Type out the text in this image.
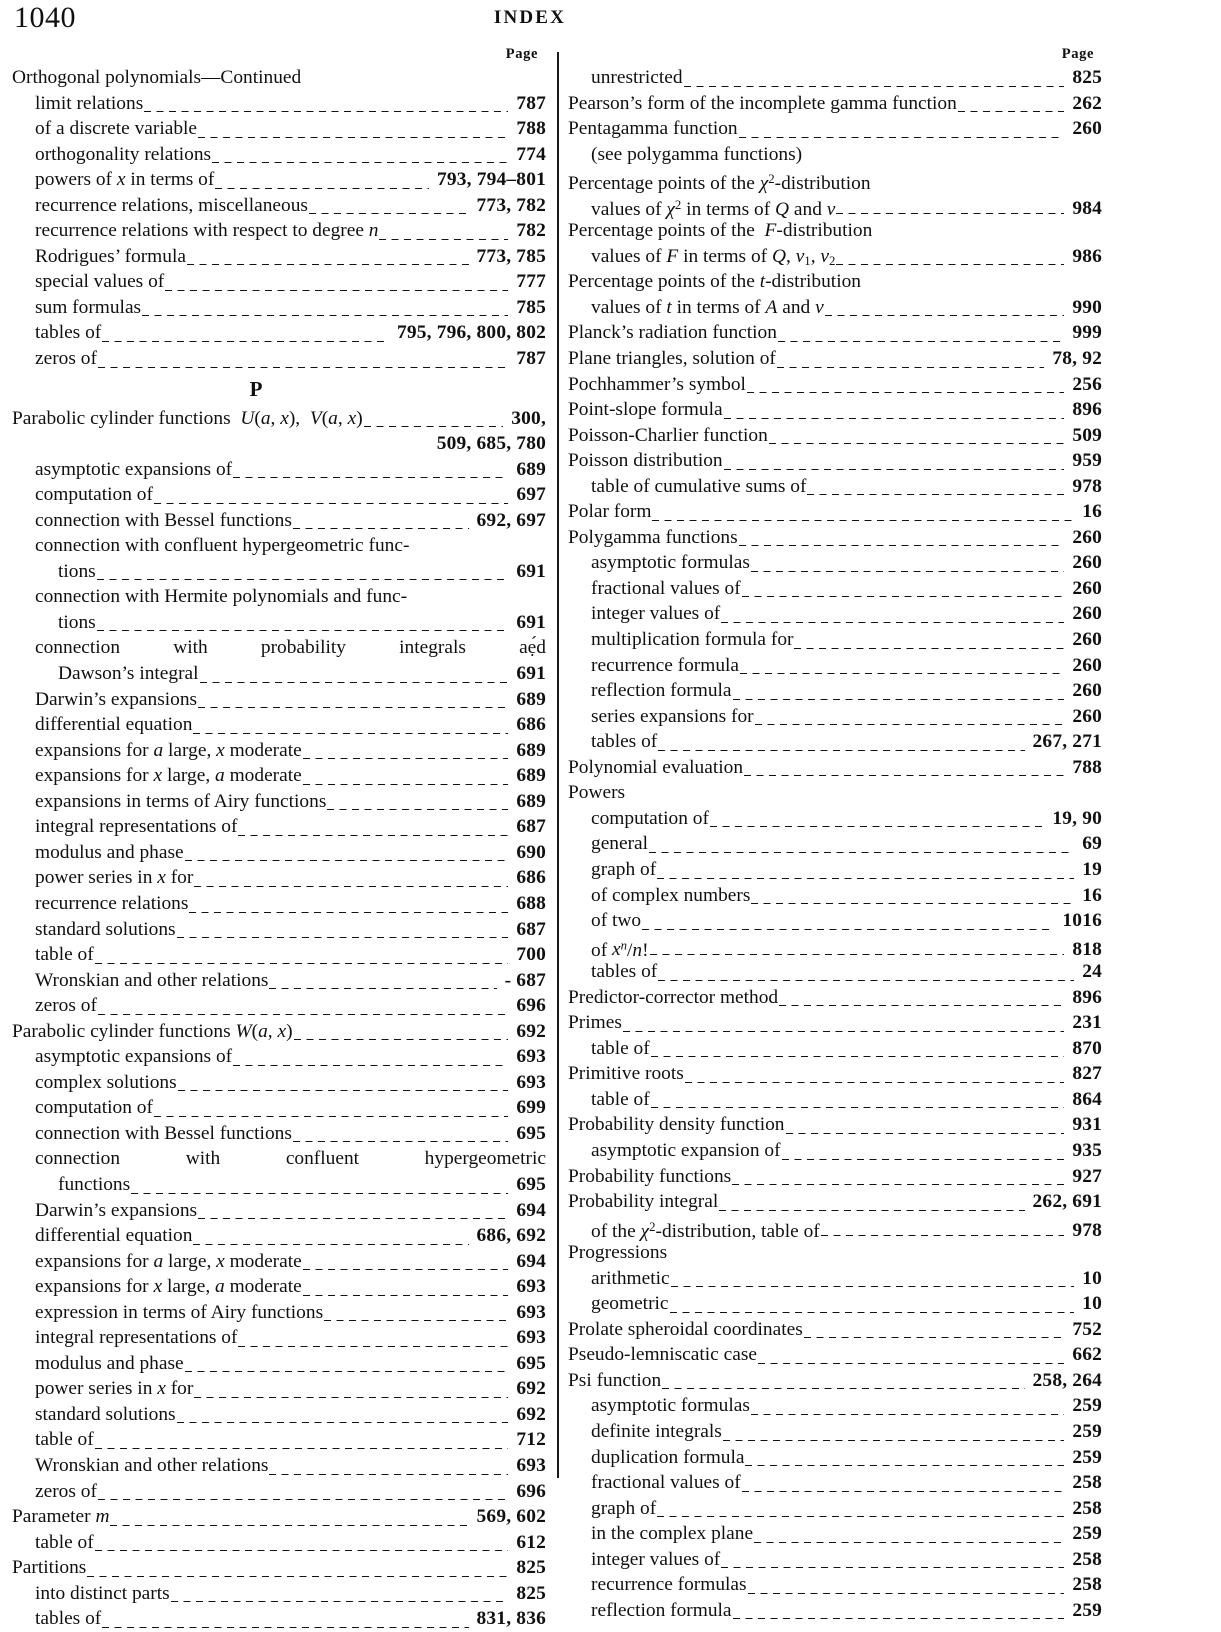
1040	INDEX
Page
Orthogonal polynomials—Continued
limit relations	787
of a discrete variable	788
orthogonality relations	774
powers of x in terms of	793, 794–801
recurrence relations, miscellaneous	773, 782
recurrence relations with respect to degree n	782
Rodrigues’ formula	773, 785
special values of	777
sum formulas	785
tables of	795, 796, 800, 802
zeros of	787
P
Parabolic cylinder functions  U(a, x),  V(a, x)	300,
509, 685, 780
asymptotic expansions of	689
computation of	697
connection with Bessel functions	692, 697
connection with confluent hypergeometric func-
tions	691
connection with Hermite polynomials and func-
tions	691
connection	with	probability	integrals	aẹ́d
Dawson’s integral	691
Darwin’s expansions	689
differential equation	686
expansions for a large, x moderate	689
expansions for x large, a moderate	689
expansions in terms of Airy functions	689
integral representations of	687
modulus and phase	690
power series in x for	686
recurrence relations	688
standard solutions	687
table of	700
Wronskian and other relations	- 687
zeros of	696
Parabolic cylinder functions W(a, x)	692
asymptotic expansions of	693
complex solutions	693
computation of	699
connection with Bessel functions	695
connection	with	confluent	hypergeometric
functions	695
Darwin’s expansions	694
differential equation	686, 692
expansions for a large, x moderate	694
expansions for x large, a moderate	693
expression in terms of Airy functions	693
integral representations of	693
modulus and phase	695
power series in x for	692
standard solutions	692
table of	712
Wronskian and other relations	693
zeros of	696
Parameter m	569, 602
table of	612
Partitions	825
into distinct parts	825
tables of	831, 836
Page
unrestricted	825
Pearson’s form of the incomplete gamma function	262
Pentagamma function	260
(see polygamma functions)
Percentage points of the $\chi^2$-distribution
values of $\chi^2$ in terms of Q and ν	984
Percentage points of the  F-distribution
values of F in terms of Q, $\nu_1$, $\nu_2$	986
Percentage points of the t-distribution
values of t in terms of A and ν	990
Planck’s radiation function	999
Plane triangles, solution of	78, 92
Pochhammer’s symbol	256
Point-slope formula	896
Poisson-Charlier function	509
Poisson distribution	959
table of cumulative sums of	978
Polar form	16
Polygamma functions	260
asymptotic formulas	260
fractional values of	260
integer values of	260
multiplication formula for	260
recurrence formula	260
reflection formula	260
series expansions for	260
tables of	267, 271
Polynomial evaluation	788
Powers
computation of	19, 90
general	69
graph of	19
of complex numbers	16
of two	1016
of $x^n/n$!	818
tables of	24
Predictor-corrector method	896
Primes	231
table of	870
Primitive roots	827
table of	864
Probability density function	931
asymptotic expansion of	935
Probability functions	927
Probability integral	262, 691
of the $\chi^2$-distribution, table of	978
Progressions
arithmetic	10
geometric	10
Prolate spheroidal coordinates	752
Pseudo-lemniscatic case	662
Psi function	258, 264
asymptotic formulas	259
definite integrals	259
duplication formula	259
fractional values of	258
graph of	258
in the complex plane	259
integer values of	258
recurrence formulas	258
reflection formula	259
